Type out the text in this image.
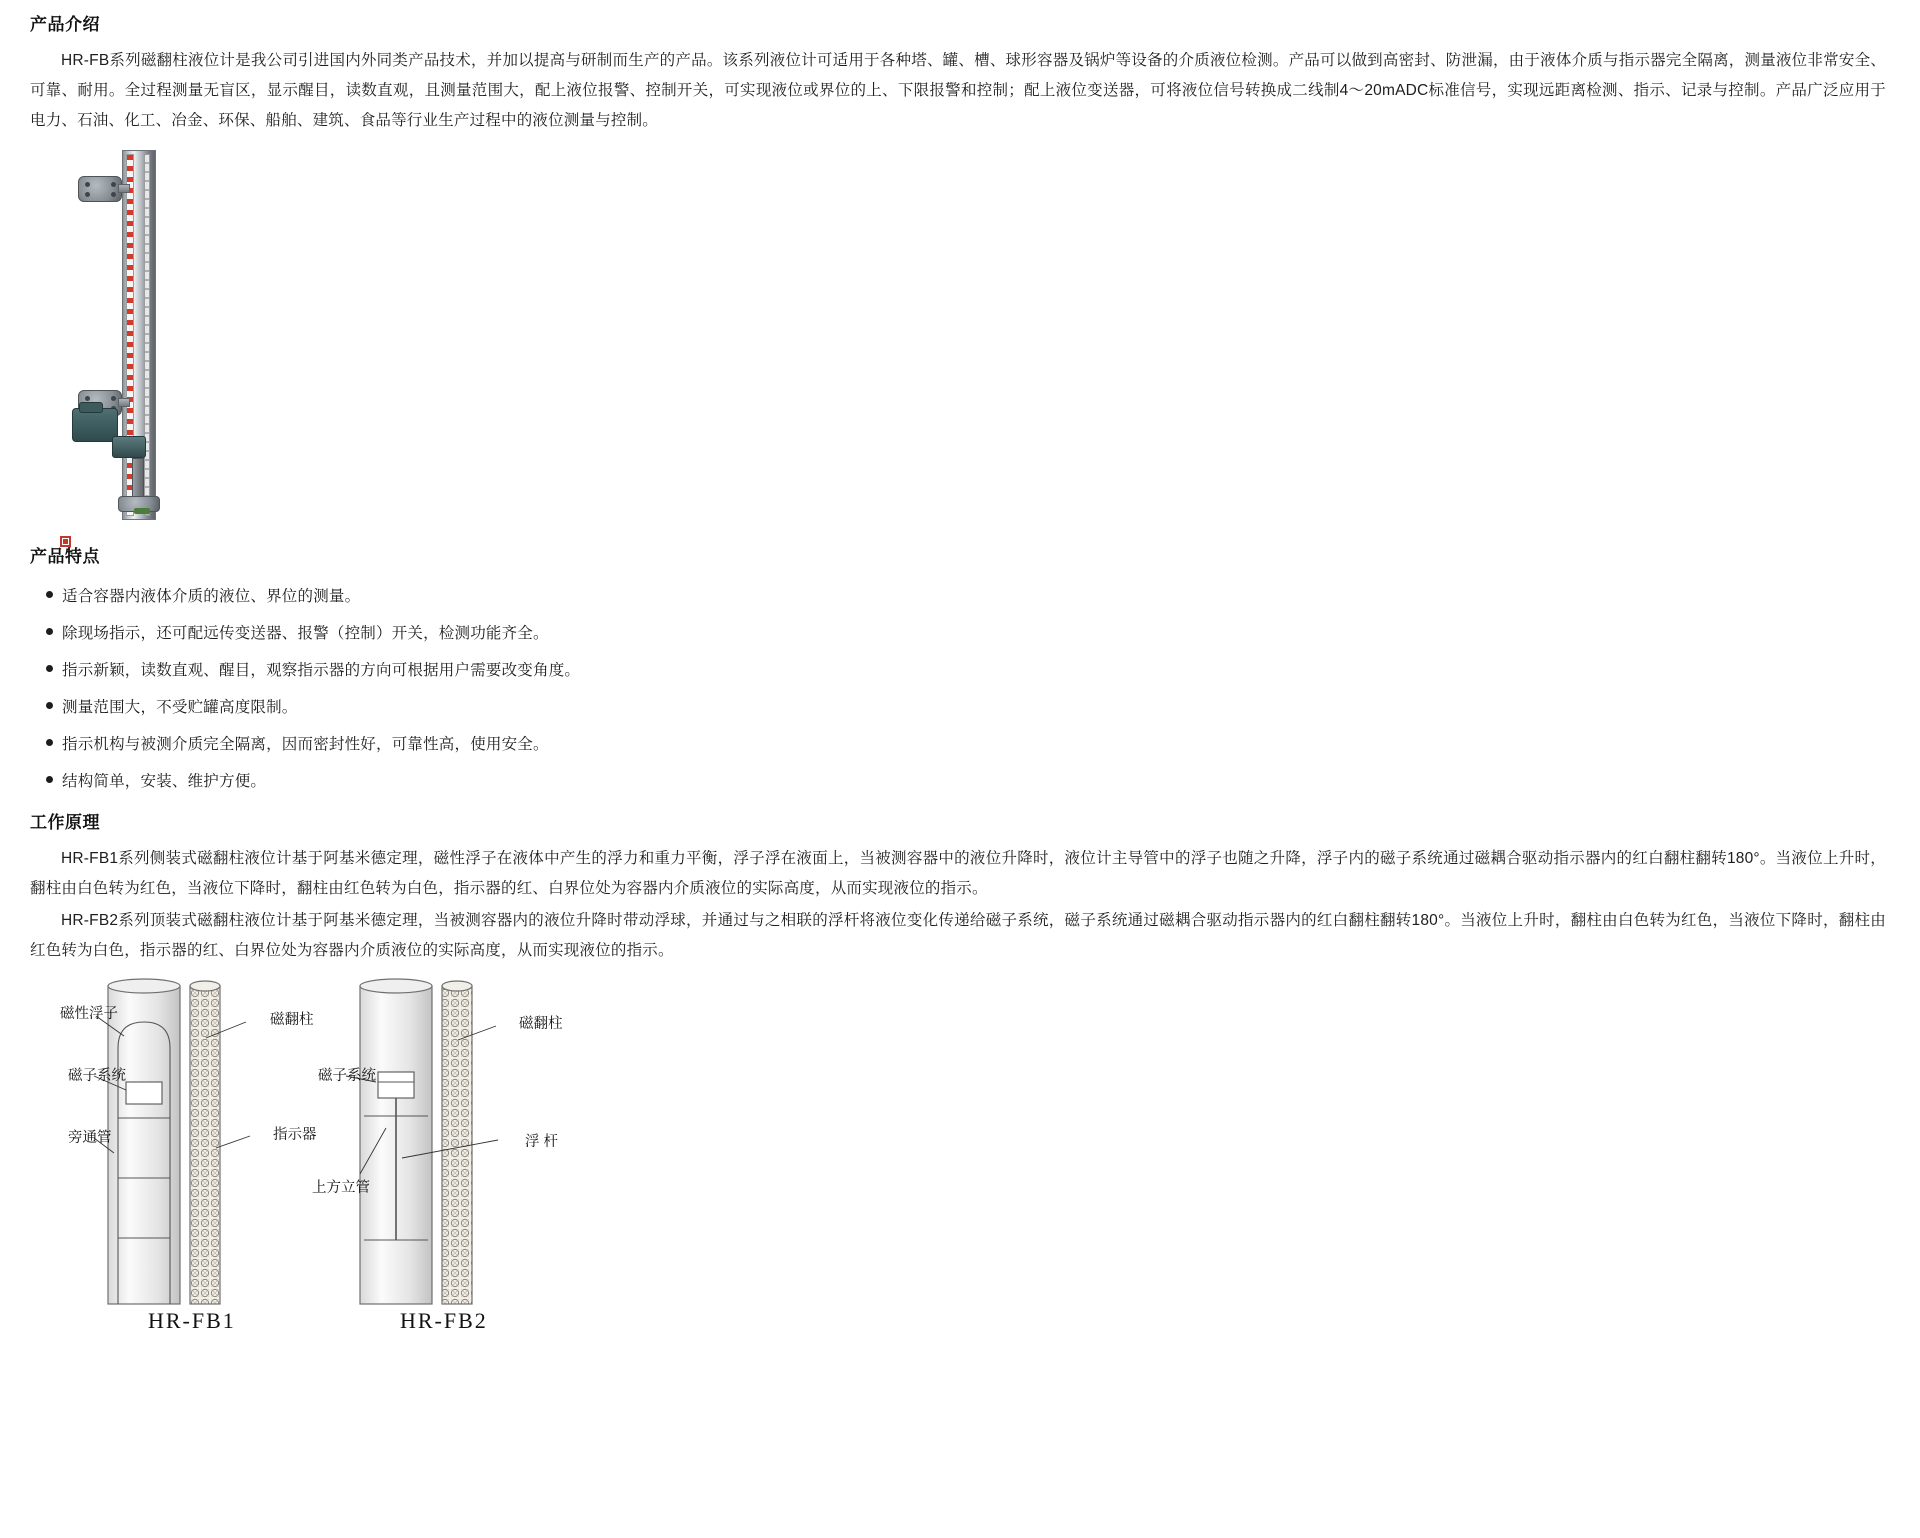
产品介绍

HR-FB系列磁翻柱液位计是我公司引进国内外同类产品技术，并加以提高与研制而生产的产品。该系列液位计可适用于各种塔、罐、槽、球形容器及锅炉等设备的介质液位检测。产品可以做到高密封、防泄漏，由于液体介质与指示器完全隔离，测量液位非常安全、可靠、耐用。全过程测量无盲区，显示醒目，读数直观，且测量范围大，配上液位报警、控制开关，可实现液位或界位的上、下限报警和控制；配上液位变送器，可将液位信号转换成二线制4～20mADC标准信号，实现远距离检测、指示、记录与控制。产品广泛应用于电力、石油、化工、冶金、环保、船舶、建筑、食品等行业生产过程中的液位测量与控制。

产品特点
适合容器内液体介质的液位、界位的测量。
除现场指示，还可配远传变送器、报警（控制）开关，检测功能齐全。
指示新颖，读数直观、醒目，观察指示器的方向可根据用户需要改变角度。
测量范围大，不受贮罐高度限制。
指示机构与被测介质完全隔离，因而密封性好，可靠性高，使用安全。
结构简单，安装、维护方便。
工作原理

HR-FB1系列侧装式磁翻柱液位计基于阿基米德定理，磁性浮子在液体中产生的浮力和重力平衡，浮子浮在液面上，当被测容器中的液位升降时，液位计主导管中的浮子也随之升降，浮子内的磁子系统通过磁耦合驱动指示器内的红白翻柱翻转180°。当液位上升时，翻柱由白色转为红色，当液位下降时，翻柱由红色转为白色，指示器的红、白界位处为容器内介质液位的实际高度，从而实现液位的指示。

HR-FB2系列顶装式磁翻柱液位计基于阿基米德定理，当被测容器内的液位升降时带动浮球，并通过与之相联的浮杆将液位变化传递给磁子系统，磁子系统通过磁耦合驱动指示器内的红白翻柱翻转180°。当液位上升时，翻柱由白色转为红色，当液位下降时，翻柱由红色转为白色，指示器的红、白界位处为容器内介质液位的实际高度，从而实现液位的指示。

磁性浮子
磁子系统
旁通管
磁翻柱
指示器
磁子系统
磁翻柱
浮 杆
上方立管
HR-FB1	HR-FB2
